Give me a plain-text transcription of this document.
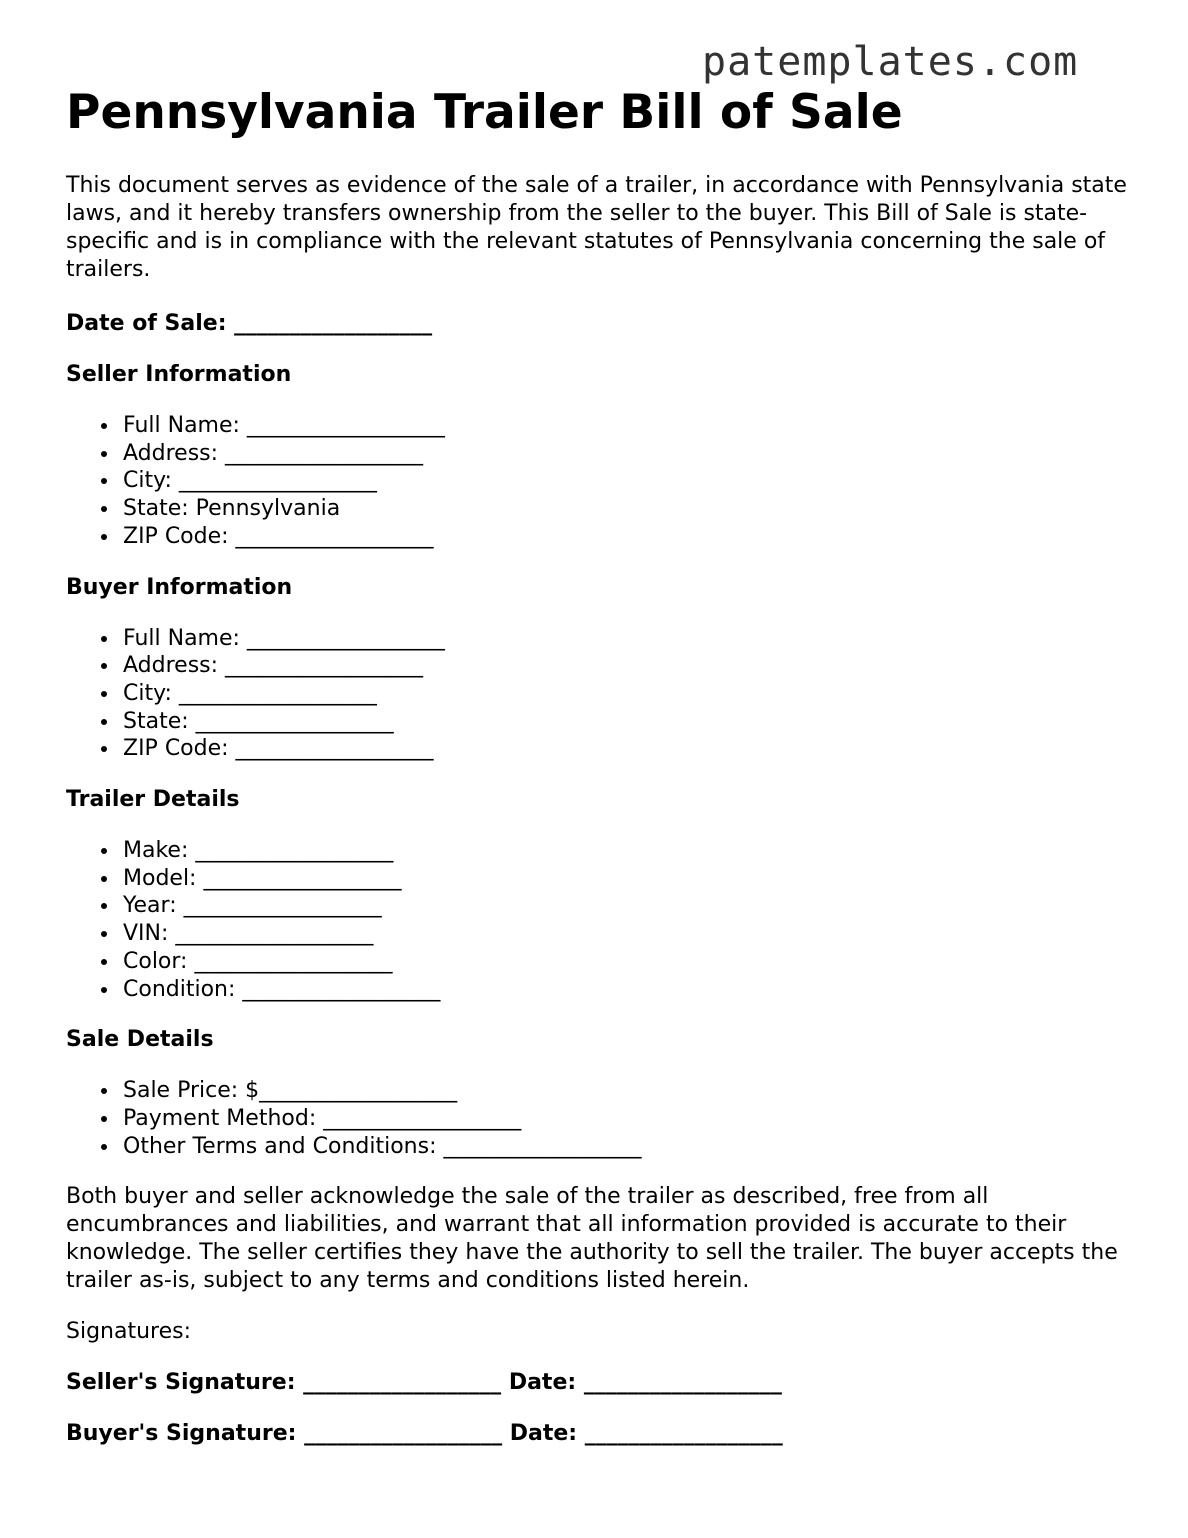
patemplates.com
Pennsylvania Trailer Bill of Sale

This document serves as evidence of the sale of a trailer, in accordance with Pennsylvania state laws, and it hereby transfers ownership from the seller to the buyer. This Bill of Sale is state-specific and is in compliance with the relevant statutes of Pennsylvania concerning the sale of trailers.

Date of Sale: __________________

Seller Information
Full Name: __________________
Address: __________________
City: __________________
State: Pennsylvania
ZIP Code: __________________
Buyer Information
Full Name: __________________
Address: __________________
City: __________________
State: __________________
ZIP Code: __________________
Trailer Details
Make: __________________
Model: __________________
Year: __________________
VIN: __________________
Color: __________________
Condition: __________________
Sale Details
Sale Price: $__________________
Payment Method: __________________
Other Terms and Conditions: __________________

Both buyer and seller acknowledge the sale of the trailer as described, free from all encumbrances and liabilities, and warrant that all information provided is accurate to their knowledge. The seller certifies they have the authority to sell the trailer. The buyer accepts the trailer as-is, subject to any terms and conditions listed herein.

Signatures:

Seller's Signature: __________________ Date: __________________

Buyer's Signature: __________________ Date: __________________
